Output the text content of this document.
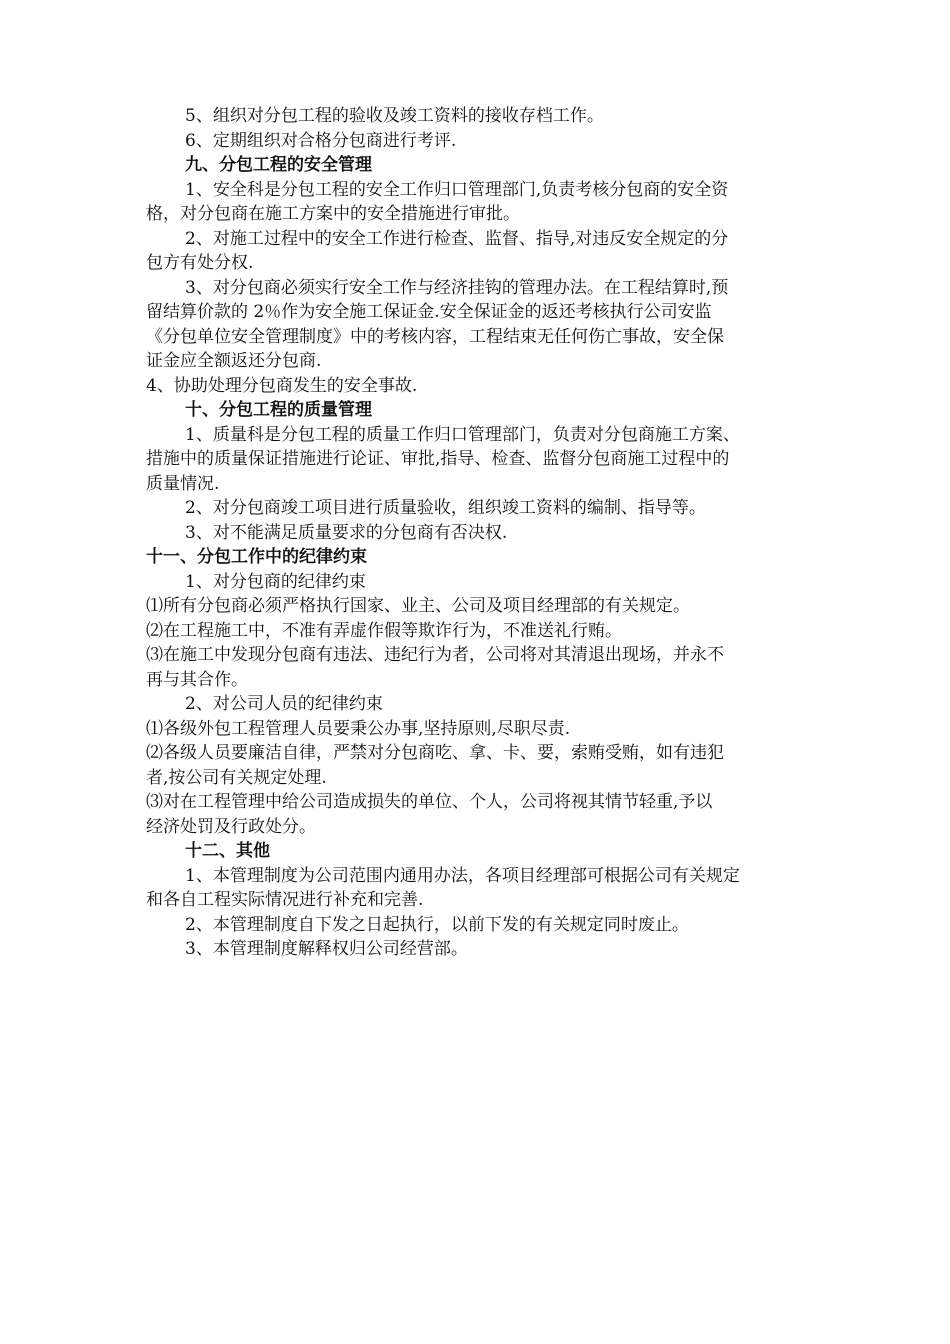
5、组织对分包工程的验收及竣工资料的接收存档工作。
6、定期组织对合格分包商进行考评.
九、分包工程的安全管理
1、安全科是分包工程的安全工作归口管理部门,负责考核分包商的安全资
格，对分包商在施工方案中的安全措施进行审批。
2、对施工过程中的安全工作进行检查、监督、指导,对违反安全规定的分
包方有处分权.
3、对分包商必须实行安全工作与经济挂钩的管理办法。在工程结算时,预
留结算价款的 2％作为安全施工保证金.安全保证金的返还考核执行公司安监
《分包单位安全管理制度》中的考核内容，工程结束无任何伤亡事故，安全保
证金应全额返还分包商.
4、协助处理分包商发生的安全事故.
十、分包工程的质量管理
1、质量科是分包工程的质量工作归口管理部门，负责对分包商施工方案、
措施中的质量保证措施进行论证、审批,指导、检查、监督分包商施工过程中的
质量情况.
2、对分包商竣工项目进行质量验收，组织竣工资料的编制、指导等。
3、对不能满足质量要求的分包商有否决权.
十一、分包工作中的纪律约束
1、对分包商的纪律约束
⑴所有分包商必须严格执行国家、业主、公司及项目经理部的有关规定。
⑵在工程施工中，不准有弄虚作假等欺诈行为，不准送礼行贿。
⑶在施工中发现分包商有违法、违纪行为者，公司将对其清退出现场，并永不
再与其合作。
2、对公司人员的纪律约束
⑴各级外包工程管理人员要秉公办事,坚持原则,尽职尽责.
⑵各级人员要廉洁自律，严禁对分包商吃、拿、卡、要，索贿受贿，如有违犯
者,按公司有关规定处理.
⑶对在工程管理中给公司造成损失的单位、个人，公司将视其情节轻重,予以
经济处罚及行政处分。
十二、其他
1、本管理制度为公司范围内通用办法，各项目经理部可根据公司有关规定
和各自工程实际情况进行补充和完善.
2、本管理制度自下发之日起执行，以前下发的有关规定同时废止。
3、本管理制度解释权归公司经营部。
